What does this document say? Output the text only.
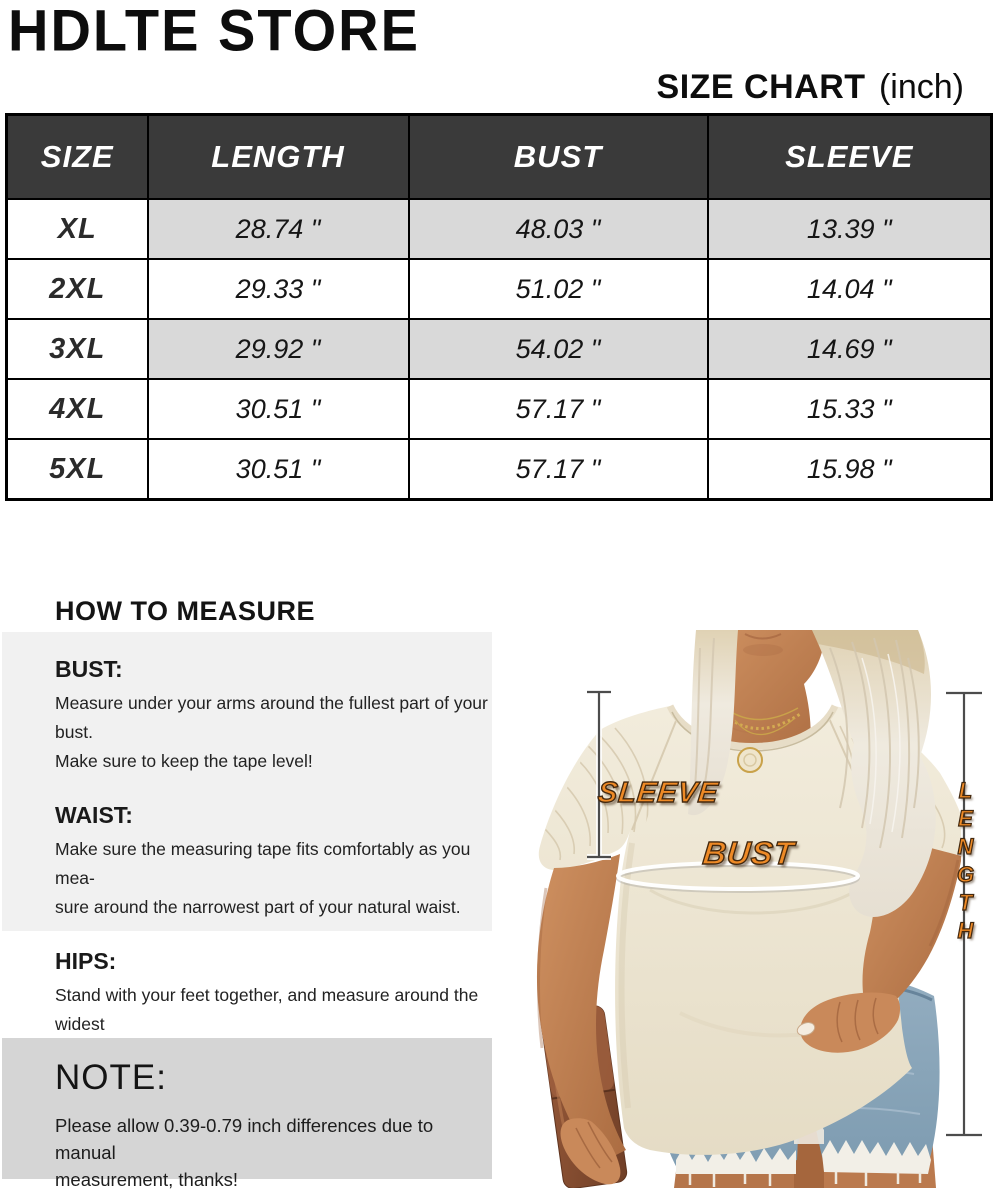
HDLTE STORE
SIZE CHART (inch)
SIZE	LENGTH	BUST	SLEEVE
XL	28.74 "	48.03 "	13.39 "
2XL	29.33 "	51.02 "	14.04 "
3XL	29.92 "	54.02 "	14.69 "
4XL	30.51 "	57.17 "	15.33 "
5XL	30.51 "	57.17 "	15.98 "
HOW TO MEASURE
BUST:
Measure under your arms around the fullest part of your bust.
Make sure to keep the tape level!
WAIST:
Make sure the measuring tape fits comfortably as you mea-
sure around the narrowest part of your natural waist.
HIPS:
Stand with your feet together, and measure around the widest
NOTE:
Please allow 0.39-0.79 inch differences due to manual
measurement, thanks!
SLEEVE
BUST	LENGTH
